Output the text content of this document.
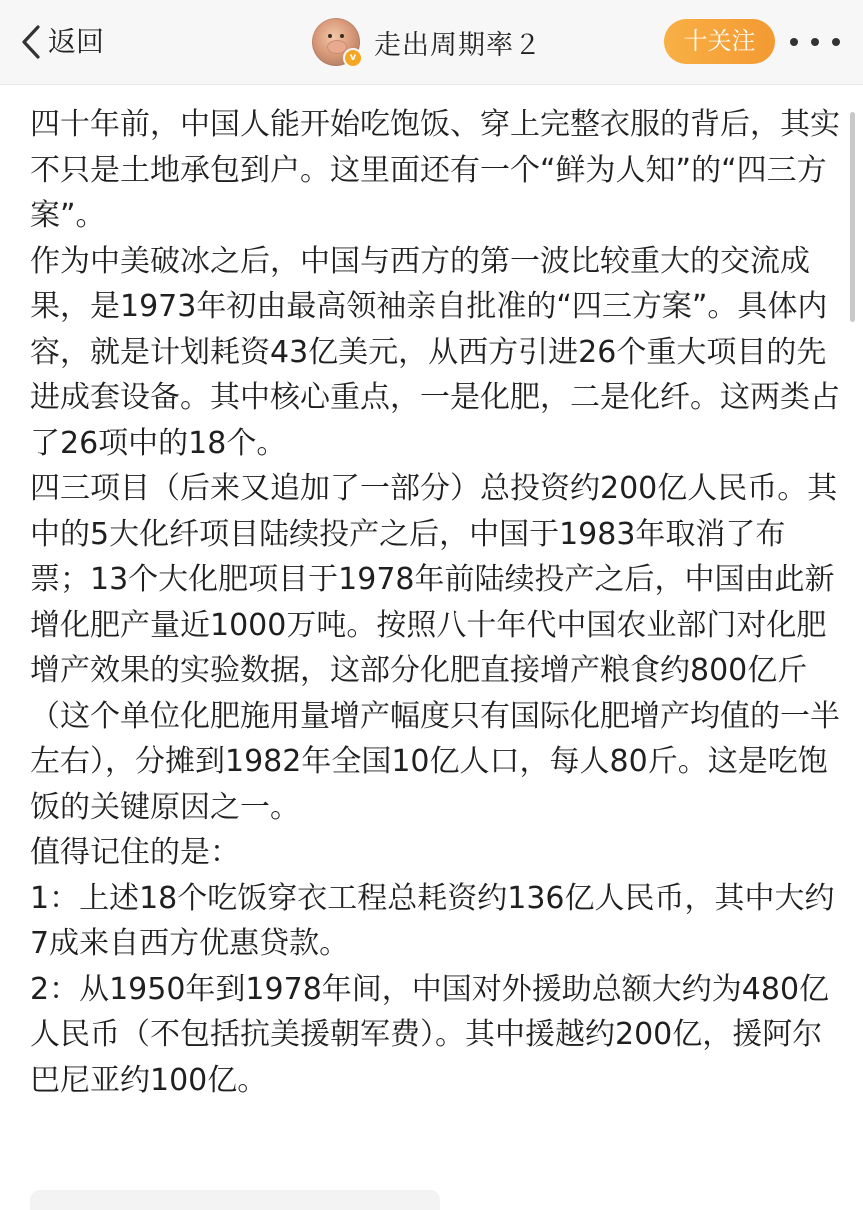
返回	v 走出周期率２	十关注

四十年前，中国人能开始吃饱饭、穿上完整衣服的背后，其实不只是土地承包到户。这里面还有一个“鲜为人知”的“四三方案”。

作为中美破冰之后，中国与西方的第一波比较重大的交流成果，是1973年初由最高领袖亲自批准的“四三方案”。具体内容，就是计划耗资43亿美元，从西方引进26个重大项目的先进成套设备。其中核心重点，一是化肥，二是化纤。这两类占了26项中的18个。

四三项目（后来又追加了一部分）总投资约200亿人民币。其中的5大化纤项目陆续投产之后，中国于1983年取消了布票；13个大化肥项目于1978年前陆续投产之后，中国由此新增化肥产量近1000万吨。按照八十年代中国农业部门对化肥增产效果的实验数据，这部分化肥直接增产粮食约800亿斤（这个单位化肥施用量增产幅度只有国际化肥增产均值的一半左右），分摊到1982年全国10亿人口，每人80斤。这是吃饱饭的关键原因之一。

值得记住的是：

1：上述18个吃饭穿衣工程总耗资约136亿人民币，其中大约7成来自西方优惠贷款。

2：从1950年到1978年间，中国对外援助总额大约为480亿人民币（不包括抗美援朝军费）。其中援越约200亿，援阿尔巴尼亚约100亿。
